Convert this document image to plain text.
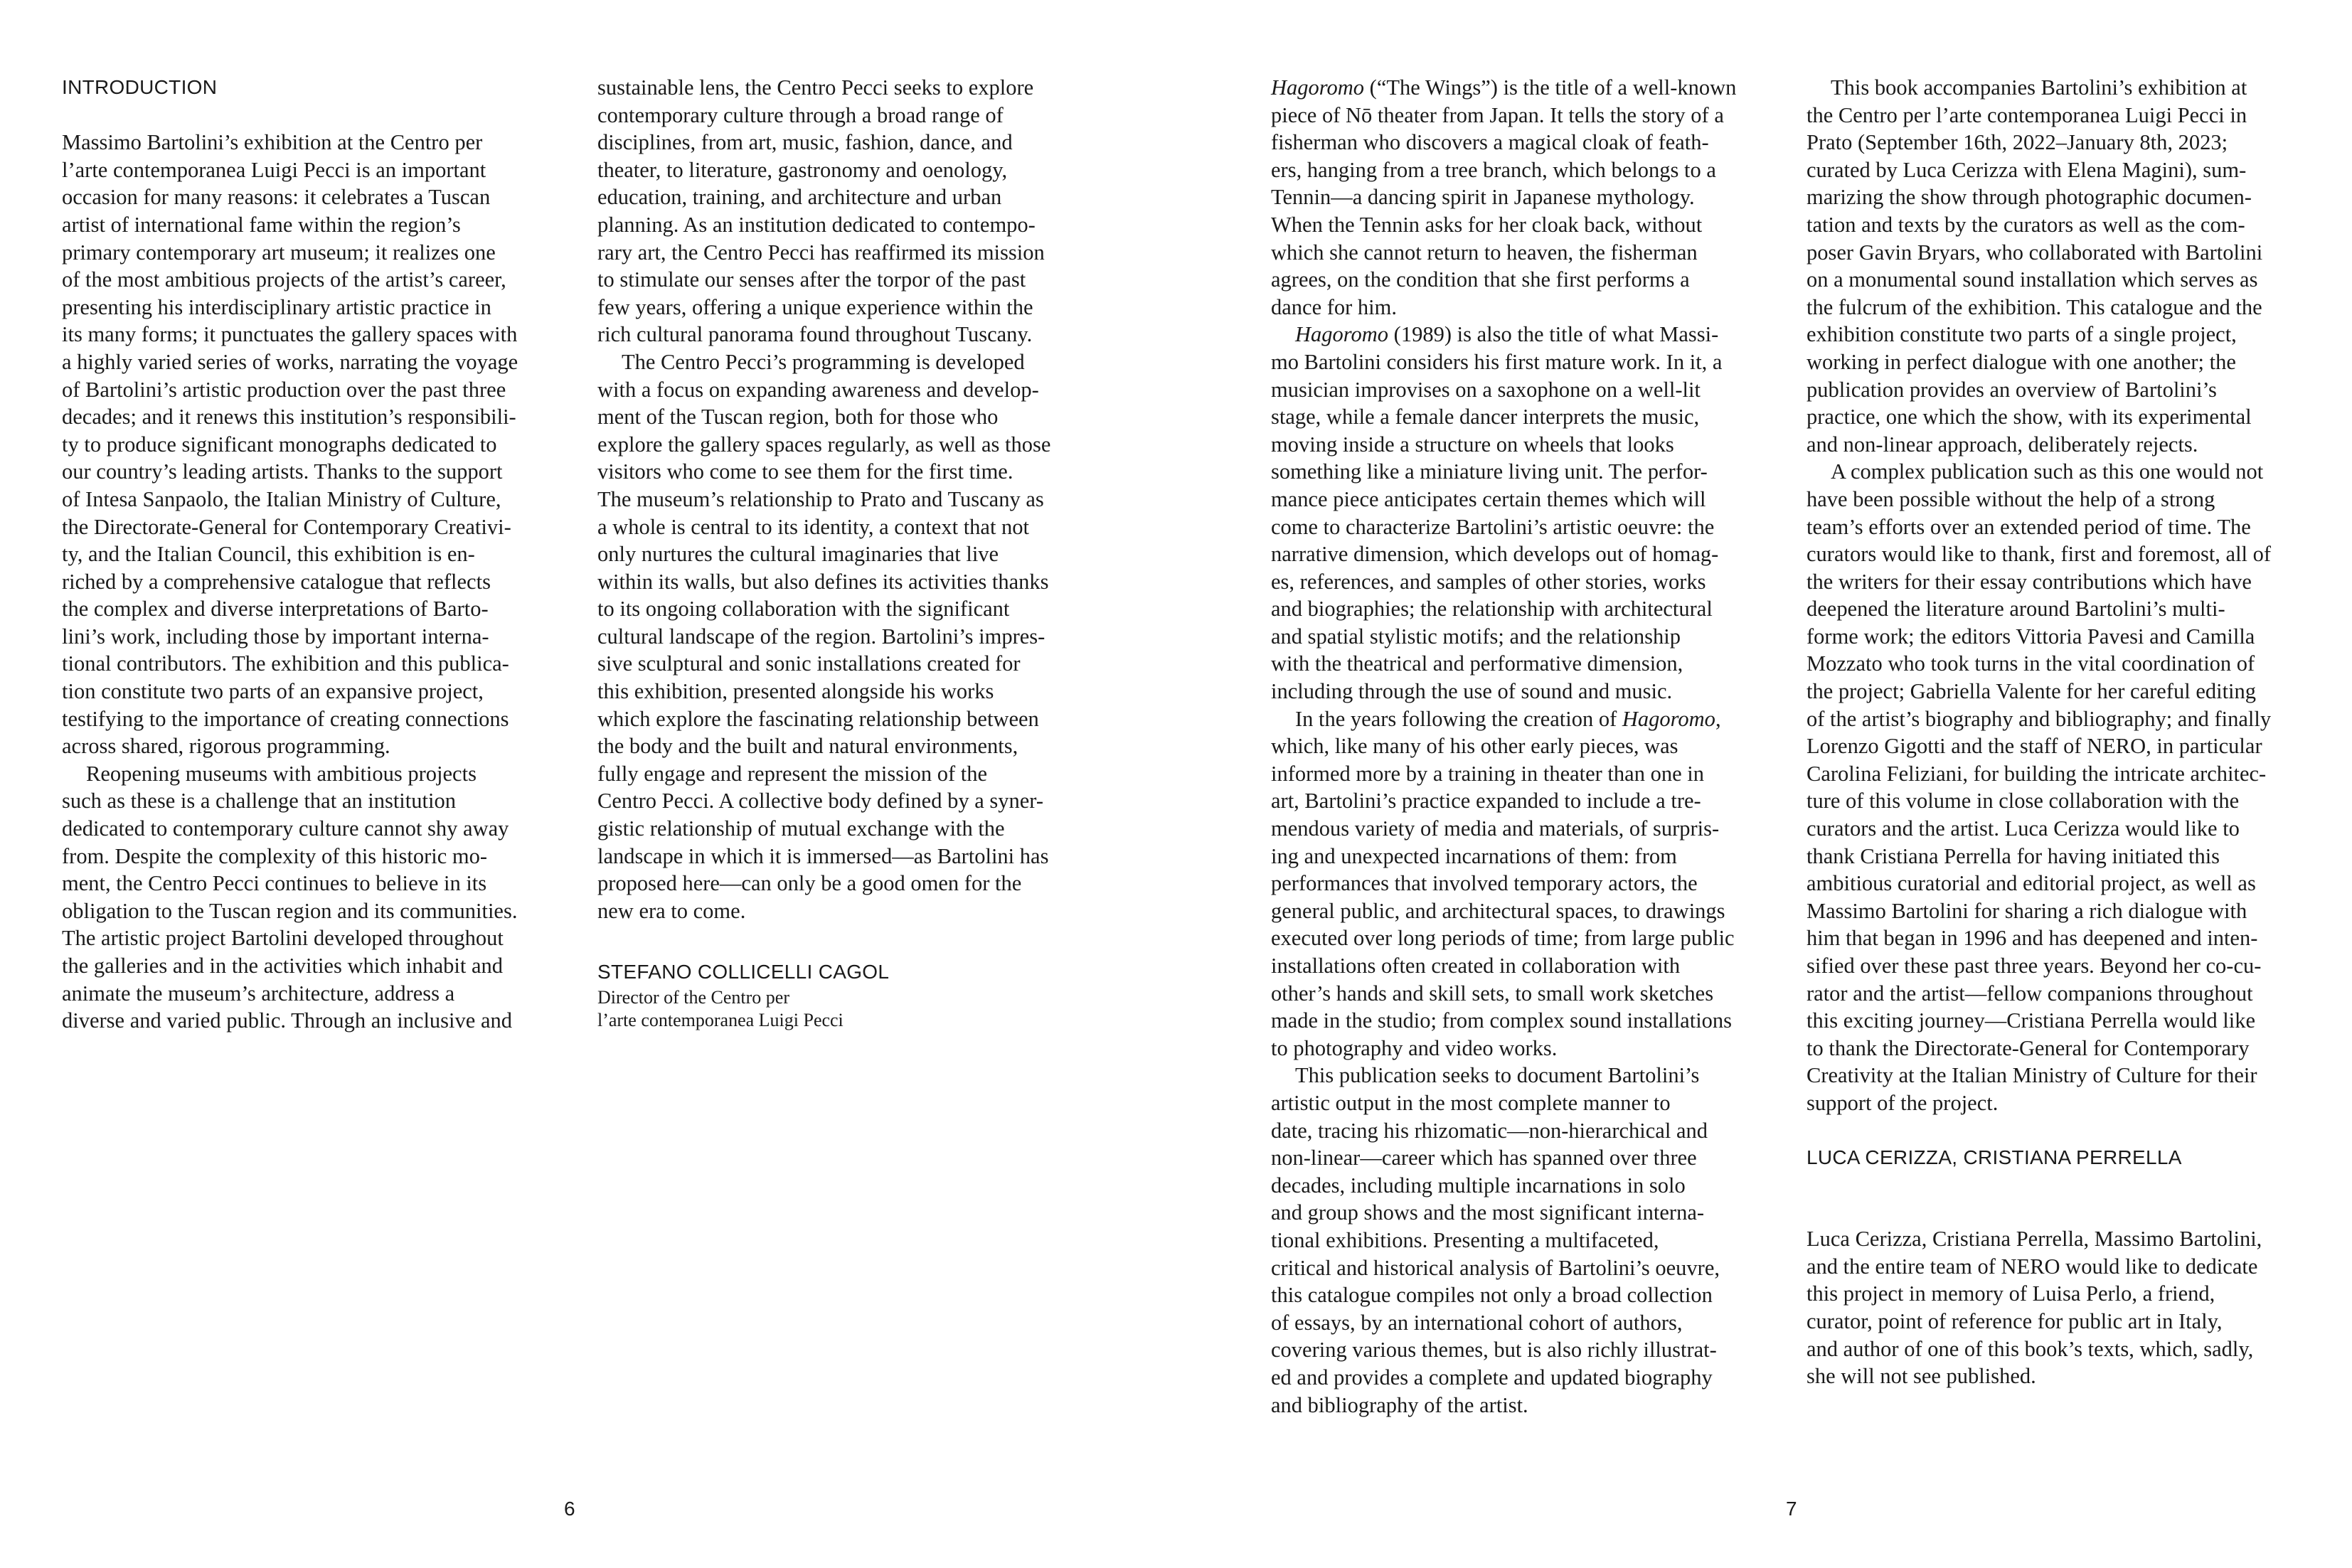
INTRODUCTION
Massimo Bartolini’s exhibition at the Centro per
l’arte contemporanea Luigi Pecci is an important
occasion for many reasons: it celebrates a Tuscan
artist of international fame within the region’s
primary contemporary art museum; it realizes one
of the most ambitious projects of the artist’s career,
presenting his interdisciplinary artistic practice in
its many forms; it punctuates the gallery spaces with
a highly varied series of works, narrating the voyage
of Bartolini’s artistic production over the past three
decades; and it renews this institution’s responsibili-
ty to produce significant monographs dedicated to
our country’s leading artists. Thanks to the support
of Intesa Sanpaolo, the Italian Ministry of Culture,
the Directorate-General for Contemporary Creativi-
ty, and the Italian Council, this exhibition is en-
riched by a comprehensive catalogue that reflects
the complex and diverse interpretations of Barto-
lini’s work, including those by important interna-
tional contributors. The exhibition and this publica-
tion constitute two parts of an expansive project,
testifying to the importance of creating connections
across shared, rigorous programming.
Reopening museums with ambitious projects
such as these is a challenge that an institution
dedicated to contemporary culture cannot shy away
from. Despite the complexity of this historic mo-
ment, the Centro Pecci continues to believe in its
obligation to the Tuscan region and its communities.
The artistic project Bartolini developed throughout
the galleries and in the activities which inhabit and
animate the museum’s architecture, address a
diverse and varied public. Through an inclusive and
sustainable lens, the Centro Pecci seeks to explore
contemporary culture through a broad range of
disciplines, from art, music, fashion, dance, and
theater, to literature, gastronomy and oenology,
education, training, and architecture and urban
planning. As an institution dedicated to contempo-
rary art, the Centro Pecci has reaffirmed its mission
to stimulate our senses after the torpor of the past
few years, offering a unique experience within the
rich cultural panorama found throughout Tuscany.
The Centro Pecci’s programming is developed
with a focus on expanding awareness and develop-
ment of the Tuscan region, both for those who
explore the gallery spaces regularly, as well as those
visitors who come to see them for the first time.
The museum’s relationship to Prato and Tuscany as
a whole is central to its identity, a context that not
only nurtures the cultural imaginaries that live
within its walls, but also defines its activities thanks
to its ongoing collaboration with the significant
cultural landscape of the region. Bartolini’s impres-
sive sculptural and sonic installations created for
this exhibition, presented alongside his works
which explore the fascinating relationship between
the body and the built and natural environments,
fully engage and represent the mission of the
Centro Pecci. A collective body defined by a syner-
gistic relationship of mutual exchange with the
landscape in which it is immersed—as Bartolini has
proposed here—can only be a good omen for the
new era to come.
STEFANO COLLICELLI CAGOL
Director of the Centro per
l’arte contemporanea Luigi Pecci
Hagoromo (“The Wings”) is the title of a well-known
piece of Nō theater from Japan. It tells the story of a
fisherman who discovers a magical cloak of feath-
ers, hanging from a tree branch, which belongs to a
Tennin—a dancing spirit in Japanese mythology.
When the Tennin asks for her cloak back, without
which she cannot return to heaven, the fisherman
agrees, on the condition that she first performs a
dance for him.
Hagoromo (1989) is also the title of what Massi-
mo Bartolini considers his first mature work. In it, a
musician improvises on a saxophone on a well-lit
stage, while a female dancer interprets the music,
moving inside a structure on wheels that looks
something like a miniature living unit. The perfor-
mance piece anticipates certain themes which will
come to characterize Bartolini’s artistic oeuvre: the
narrative dimension, which develops out of homag-
es, references, and samples of other stories, works
and biographies; the relationship with architectural
and spatial stylistic motifs; and the relationship
with the theatrical and performative dimension,
including through the use of sound and music.
In the years following the creation of Hagoromo,
which, like many of his other early pieces, was
informed more by a training in theater than one in
art, Bartolini’s practice expanded to include a tre-
mendous variety of media and materials, of surpris-
ing and unexpected incarnations of them: from
performances that involved temporary actors, the
general public, and architectural spaces, to drawings
executed over long periods of time; from large public
installations often created in collaboration with
other’s hands and skill sets, to small work sketches
made in the studio; from complex sound installations
to photography and video works.
This publication seeks to document Bartolini’s
artistic output in the most complete manner to
date, tracing his rhizomatic—non-hierarchical and
non-linear—career which has spanned over three
decades, including multiple incarnations in solo
and group shows and the most significant interna-
tional exhibitions. Presenting a multifaceted,
critical and historical analysis of Bartolini’s oeuvre,
this catalogue compiles not only a broad collection
of essays, by an international cohort of authors,
covering various themes, but is also richly illustrat-
ed and provides a complete and updated biography
and bibliography of the artist.
This book accompanies Bartolini’s exhibition at
the Centro per l’arte contemporanea Luigi Pecci in
Prato (September 16th, 2022–January 8th, 2023;
curated by Luca Cerizza with Elena Magini), sum-
marizing the show through photographic documen-
tation and texts by the curators as well as the com-
poser Gavin Bryars, who collaborated with Bartolini
on a monumental sound installation which serves as
the fulcrum of the exhibition. This catalogue and the
exhibition constitute two parts of a single project,
working in perfect dialogue with one another; the
publication provides an overview of Bartolini’s
practice, one which the show, with its experimental
and non-linear approach, deliberately rejects.
A complex publication such as this one would not
have been possible without the help of a strong
team’s efforts over an extended period of time. The
curators would like to thank, first and foremost, all of
the writers for their essay contributions which have
deepened the literature around Bartolini’s multi-
forme work; the editors Vittoria Pavesi and Camilla
Mozzato who took turns in the vital coordination of
the project; Gabriella Valente for her careful editing
of the artist’s biography and bibliography; and finally
Lorenzo Gigotti and the staff of NERO, in particular
Carolina Feliziani, for building the intricate architec-
ture of this volume in close collaboration with the
curators and the artist. Luca Cerizza would like to
thank Cristiana Perrella for having initiated this
ambitious curatorial and editorial project, as well as
Massimo Bartolini for sharing a rich dialogue with
him that began in 1996 and has deepened and inten-
sified over these past three years. Beyond her co-cu-
rator and the artist—fellow companions throughout
this exciting journey—Cristiana Perrella would like
to thank the Directorate-General for Contemporary
Creativity at the Italian Ministry of Culture for their
support of the project.
LUCA CERIZZA, CRISTIANA PERRELLA
Luca Cerizza, Cristiana Perrella, Massimo Bartolini,
and the entire team of NERO would like to dedicate
this project in memory of Luisa Perlo, a friend,
curator, point of reference for public art in Italy,
and author of one of this book’s texts, which, sadly,
she will not see published.
6	7
